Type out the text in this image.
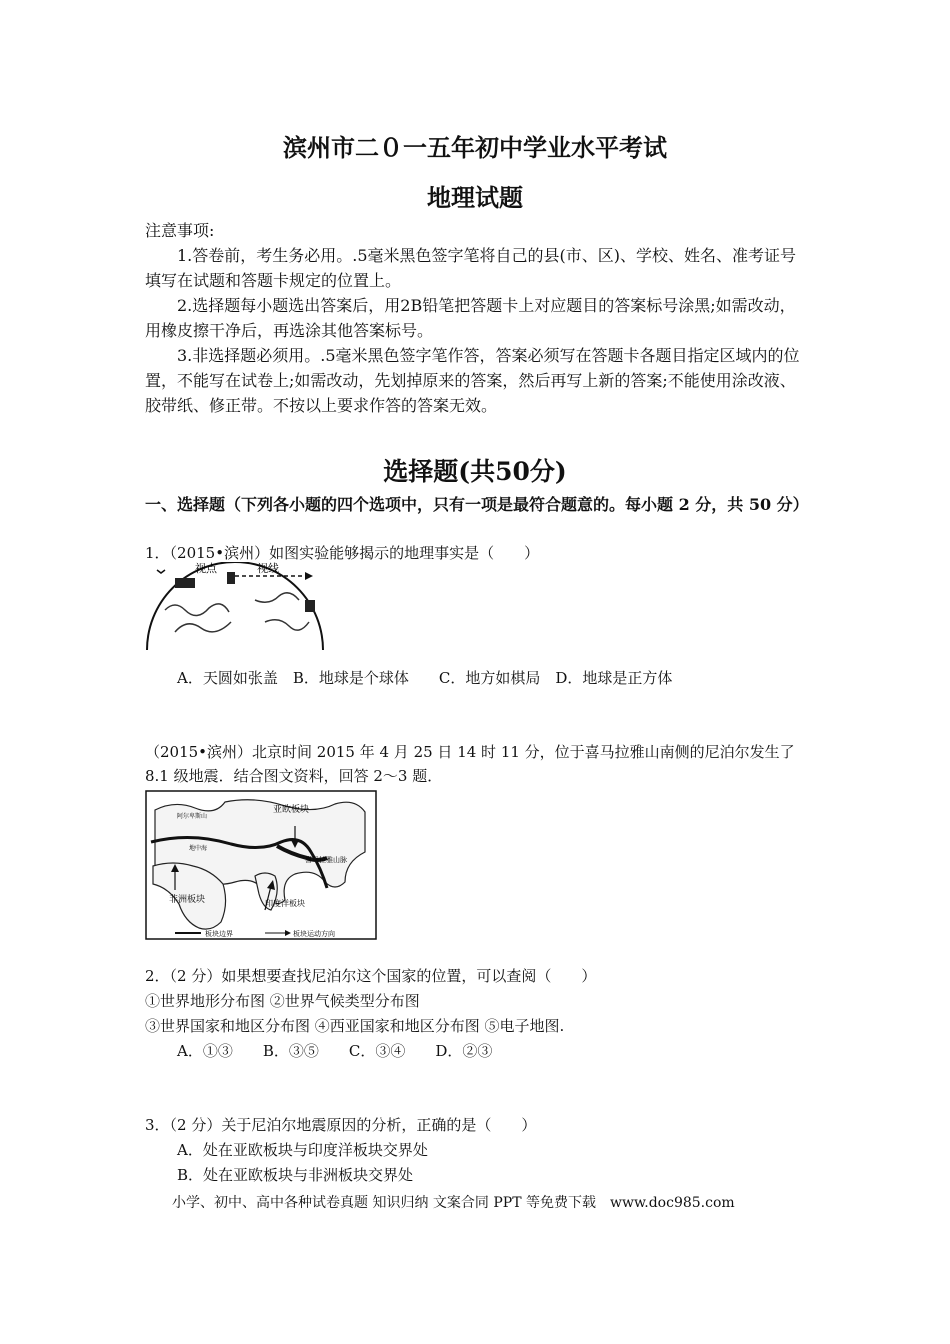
滨州市二０一五年初中学业水平考试
地理试题
注意事项:
1.答卷前，考生务必用。.5毫米黑色签字笔将自己的县(市、区)、学校、姓名、准考证号填写在试题和答题卡规定的位置上。
2.选择题每小题选出答案后，用2B铅笔把答题卡上对应题目的答案标号涂黑;如需改动，用橡皮擦干净后，再选涂其他答案标号。
3.非选择题必须用。.5毫米黑色签字笔作答，答案必须写在答题卡各题目指定区域内的位置，不能写在试卷上;如需改动，先划掉原来的答案，然后再写上新的答案;不能使用涂改液、胶带纸、修正带。不按以上要求作答的答案无效。
选择题(共50分)
一、选择题（下列各小题的四个选项中，只有一项是最符合题意的。每小题 2 分，共 50 分）
1．（2015•滨州）如图实验能够揭示的地理事实是（　　）
视点	视线
A．天圆如张盖　B．地球是个球体　　C．地方如棋局　D．地球是正方体
（2015•滨州）北京时间 2015 年 4 月 25 日 14 时 11 分，位于喜马拉雅山南侧的尼泊尔发生了 8.1 级地震．结合图文资料，回答 2～3 题．
亚欧板块
非洲板块	印度洋板块
喜马拉雅山脉
阿尔卑斯山
地中海
板块边界	板块运动方向
2．（2 分）如果想要查找尼泊尔这个国家的位置，可以查阅（　　）
①世界地形分布图 ②世界气候类型分布图
③世界国家和地区分布图 ④西亚国家和地区分布图 ⑤电子地图.
A．①③　　B．③⑤　　C．③④　　D．②③
3．（2 分）关于尼泊尔地震原因的分析，正确的是（　　）
A．处在亚欧板块与印度洋板块交界处
B．处在亚欧板块与非洲板块交界处
小学、初中、高中各种试卷真题 知识归纳 文案合同 PPT 等免费下载　www.doc985.com
